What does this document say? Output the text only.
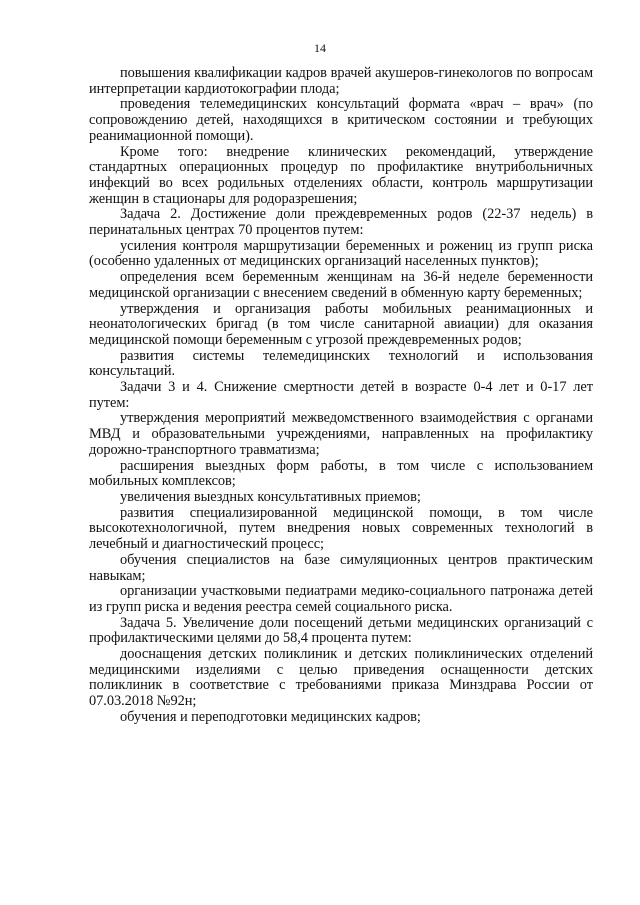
14

повышения квалификации кадров врачей акушеров-гинекологов по вопросам интерпретации кардиотокографии плода;

проведения телемедицинских консультаций формата «врач – врач» (по сопровождению детей, находящихся в критическом состоянии и требующих реанимационной помощи).

Кроме того: внедрение клинических рекомендаций, утверждение стандартных операционных процедур по профилактике внутрибольничных инфекций во всех родильных отделениях области, контроль маршрутизации женщин в стационары для родоразрешения;

Задача 2. Достижение доли преждевременных родов (22-37 недель) в перинатальных центрах 70 процентов путем:

усиления контроля маршрутизации беременных и рожениц из групп риска (особенно удаленных от медицинских организаций населенных пунктов);

определения всем беременным женщинам на 36-й неделе беременности медицинской организации с внесением сведений в обменную карту беременных;

утверждения и организация работы мобильных реанимационных и неонатологических бригад (в том числе санитарной авиации) для оказания медицинской помощи беременным с угрозой преждевременных родов;

развития системы телемедицинских технологий и использования консультаций.

Задачи 3 и 4. Снижение смертности детей в возрасте 0-4 лет и 0-17 лет путем:

утверждения мероприятий межведомственного взаимодействия с органами МВД и образовательными учреждениями, направленных на профилактику дорожно-транспортного травматизма;

расширения выездных форм работы, в том числе с использованием мобильных комплексов;

увеличения выездных консультативных приемов;

развития специализированной медицинской помощи, в том числе высокотехнологичной, путем внедрения новых современных технологий в лечебный и диагностический процесс;

обучения специалистов на базе симуляционных центров практическим навыкам;

организации участковыми педиатрами медико-социального патронажа детей из групп риска и ведения реестра семей социального риска.

Задача 5. Увеличение доли посещений детьми медицинских организаций с профилактическими целями до 58,4 процента путем:

дооснащения детских поликлиник и детских поликлинических отделений медицинскими изделиями с целью приведения оснащенности детских поликлиник в соответствие с требованиями приказа Минздрава России от 07.03.2018 №92н;

обучения и переподготовки медицинских кадров;
